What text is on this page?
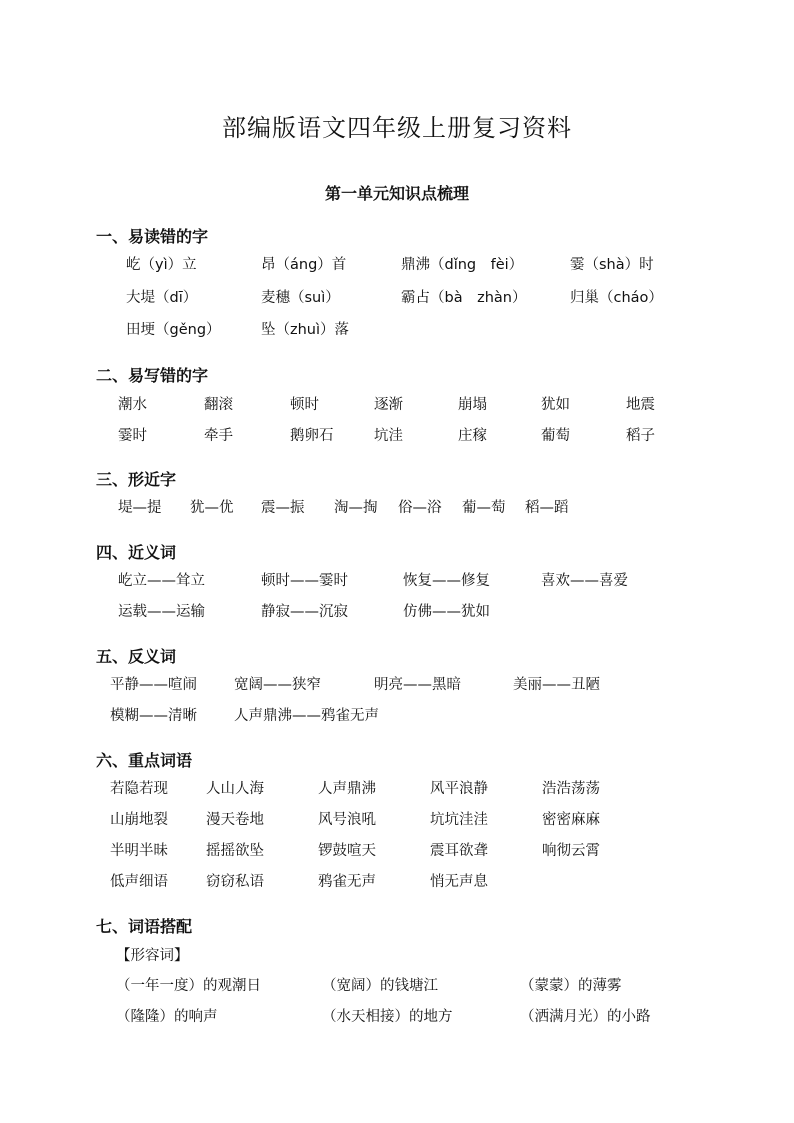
部编版语文四年级上册复习资料
第一单元知识点梳理
一、易读错的字
屹（yì）立	昂（áng）首	鼎沸（dǐng　fèi）	霎（shà）时
大堤（dī）	麦穗（suì）	霸占（bà　zhàn）	归巢（cháo）
田埂（gěng）	坠（zhuì）落
二、易写错的字
潮水	翻滚	顿时	逐渐	崩塌	犹如	地震
霎时	牵手	鹅卵石	坑洼	庄稼	葡萄	稻子
三、形近字
堤—提 犹—优 震—振 淘—掏 俗—浴 葡—萄 稻—蹈
四、近义词
屹立——耸立	顿时——霎时	恢复——修复	喜欢——喜爱
运载——运输	静寂——沉寂	仿佛——犹如
五、反义词
平静——喧闹	宽阔——狭窄	明亮——黑暗	美丽——丑陋
模糊——清晰	人声鼎沸——鸦雀无声
六、重点词语
若隐若现	人山人海	人声鼎沸	风平浪静	浩浩荡荡
山崩地裂	漫天卷地	风号浪吼	坑坑洼洼	密密麻麻
半明半昧	摇摇欲坠	锣鼓喧天	震耳欲聋	响彻云霄
低声细语	窃窃私语	鸦雀无声	悄无声息
七、词语搭配
【形容词】
（一年一度）的观潮日	（宽阔）的钱塘江	（蒙蒙）的薄雾
（隆隆）的响声	（水天相接）的地方	（洒满月光）的小路
